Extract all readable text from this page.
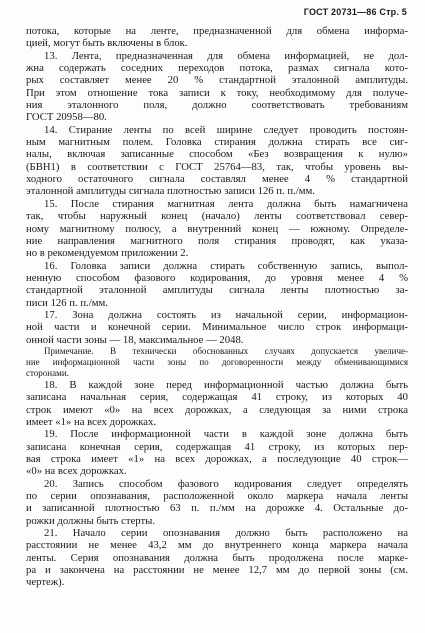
ГОСТ 20731—86 Стр. 5
потока, которые на ленте, предназначенной для обмена информа-
цией, могут быть включены в блок.
13. Лента, предназначенная для обмена информацией, не дол-
жна содержать соседних переходов потока, размах сигнала кото-
рых составляет менее 20 % стандартной эталонной амплитуды.
При этом отношение тока записи к току, необходимому для получе-
ния эталонного поля, должно соответствовать требованиям
ГОСТ 20958—80.
14. Стирание ленты по всей ширине следует проводить постоян-
ным магнитным полем. Головка стирания должна стирать все сиг-
налы, включая записанные способом «Без возвращения к нулю»
(БВН1) в соответствии с ГОСТ 25764—83, так, чтобы уровень вы-
ходного остаточного сигнала составлял менее 4 % стандартной
эталонной амплитуды сигнала плотностью записи 126 п. п./мм.
15. После стирания магнитная лента должна быть намагничена
так, чтобы наружный конец (начало) ленты соответствовал север-
ному магнитному полюсу, а внутренний конец — южному. Определе-
ние направления магнитного поля стирания проводят, как указа-
но в рекомендуемом приложении 2.
16. Головка записи должна стирать собственную запись, выпол-
ненную способом фазового кодирования, до уровня менее 4 %
стандартной эталонной амплитуды сигнала ленты плотностью за-
писи 126 п. п./мм.
17. Зона должна состоять из начальной серии, информацион-
ной части и конечной серии. Минимальное число строк информаци-
онной части зоны — 18, максимальное — 2048.
Примечание. В технически обоснованных случаях допускается увеличе-
ние информационной части зоны по договоренности между обменивающимися
сторонами.
18. В каждой зоне перед информационной частью должна быть
записана начальная серия, содержащая 41 строку, из которых 40
строк имеют «0» на всех дорожках, а следующая за ними строка
имеет «1» на всех дорожках.
19. После информационной части в каждой зоне должна быть
записана конечная серия, содержащая 41 строку, из которых пер-
вая строка имеет «1» на всех дорожках, а последующие 40 строк—
«0» на всех дорожках.
20. Запись способом фазового кодирования следует определять
по серии опознавания, расположенной около маркера начала ленты
и записанной плотностью 63 п. п./мм на дорожке 4. Остальные до-
рожки должны быть стерты.
21. Начало серии опознавания должно быть расположено на
расстоянии не менее 43,2 мм до внутреннего конца маркера начала
ленты. Серия опознавания должна быть продолжена после марке-
ра и закончена на расстоянии не менее 12,7 мм до первой зоны (см.
чертеж).
